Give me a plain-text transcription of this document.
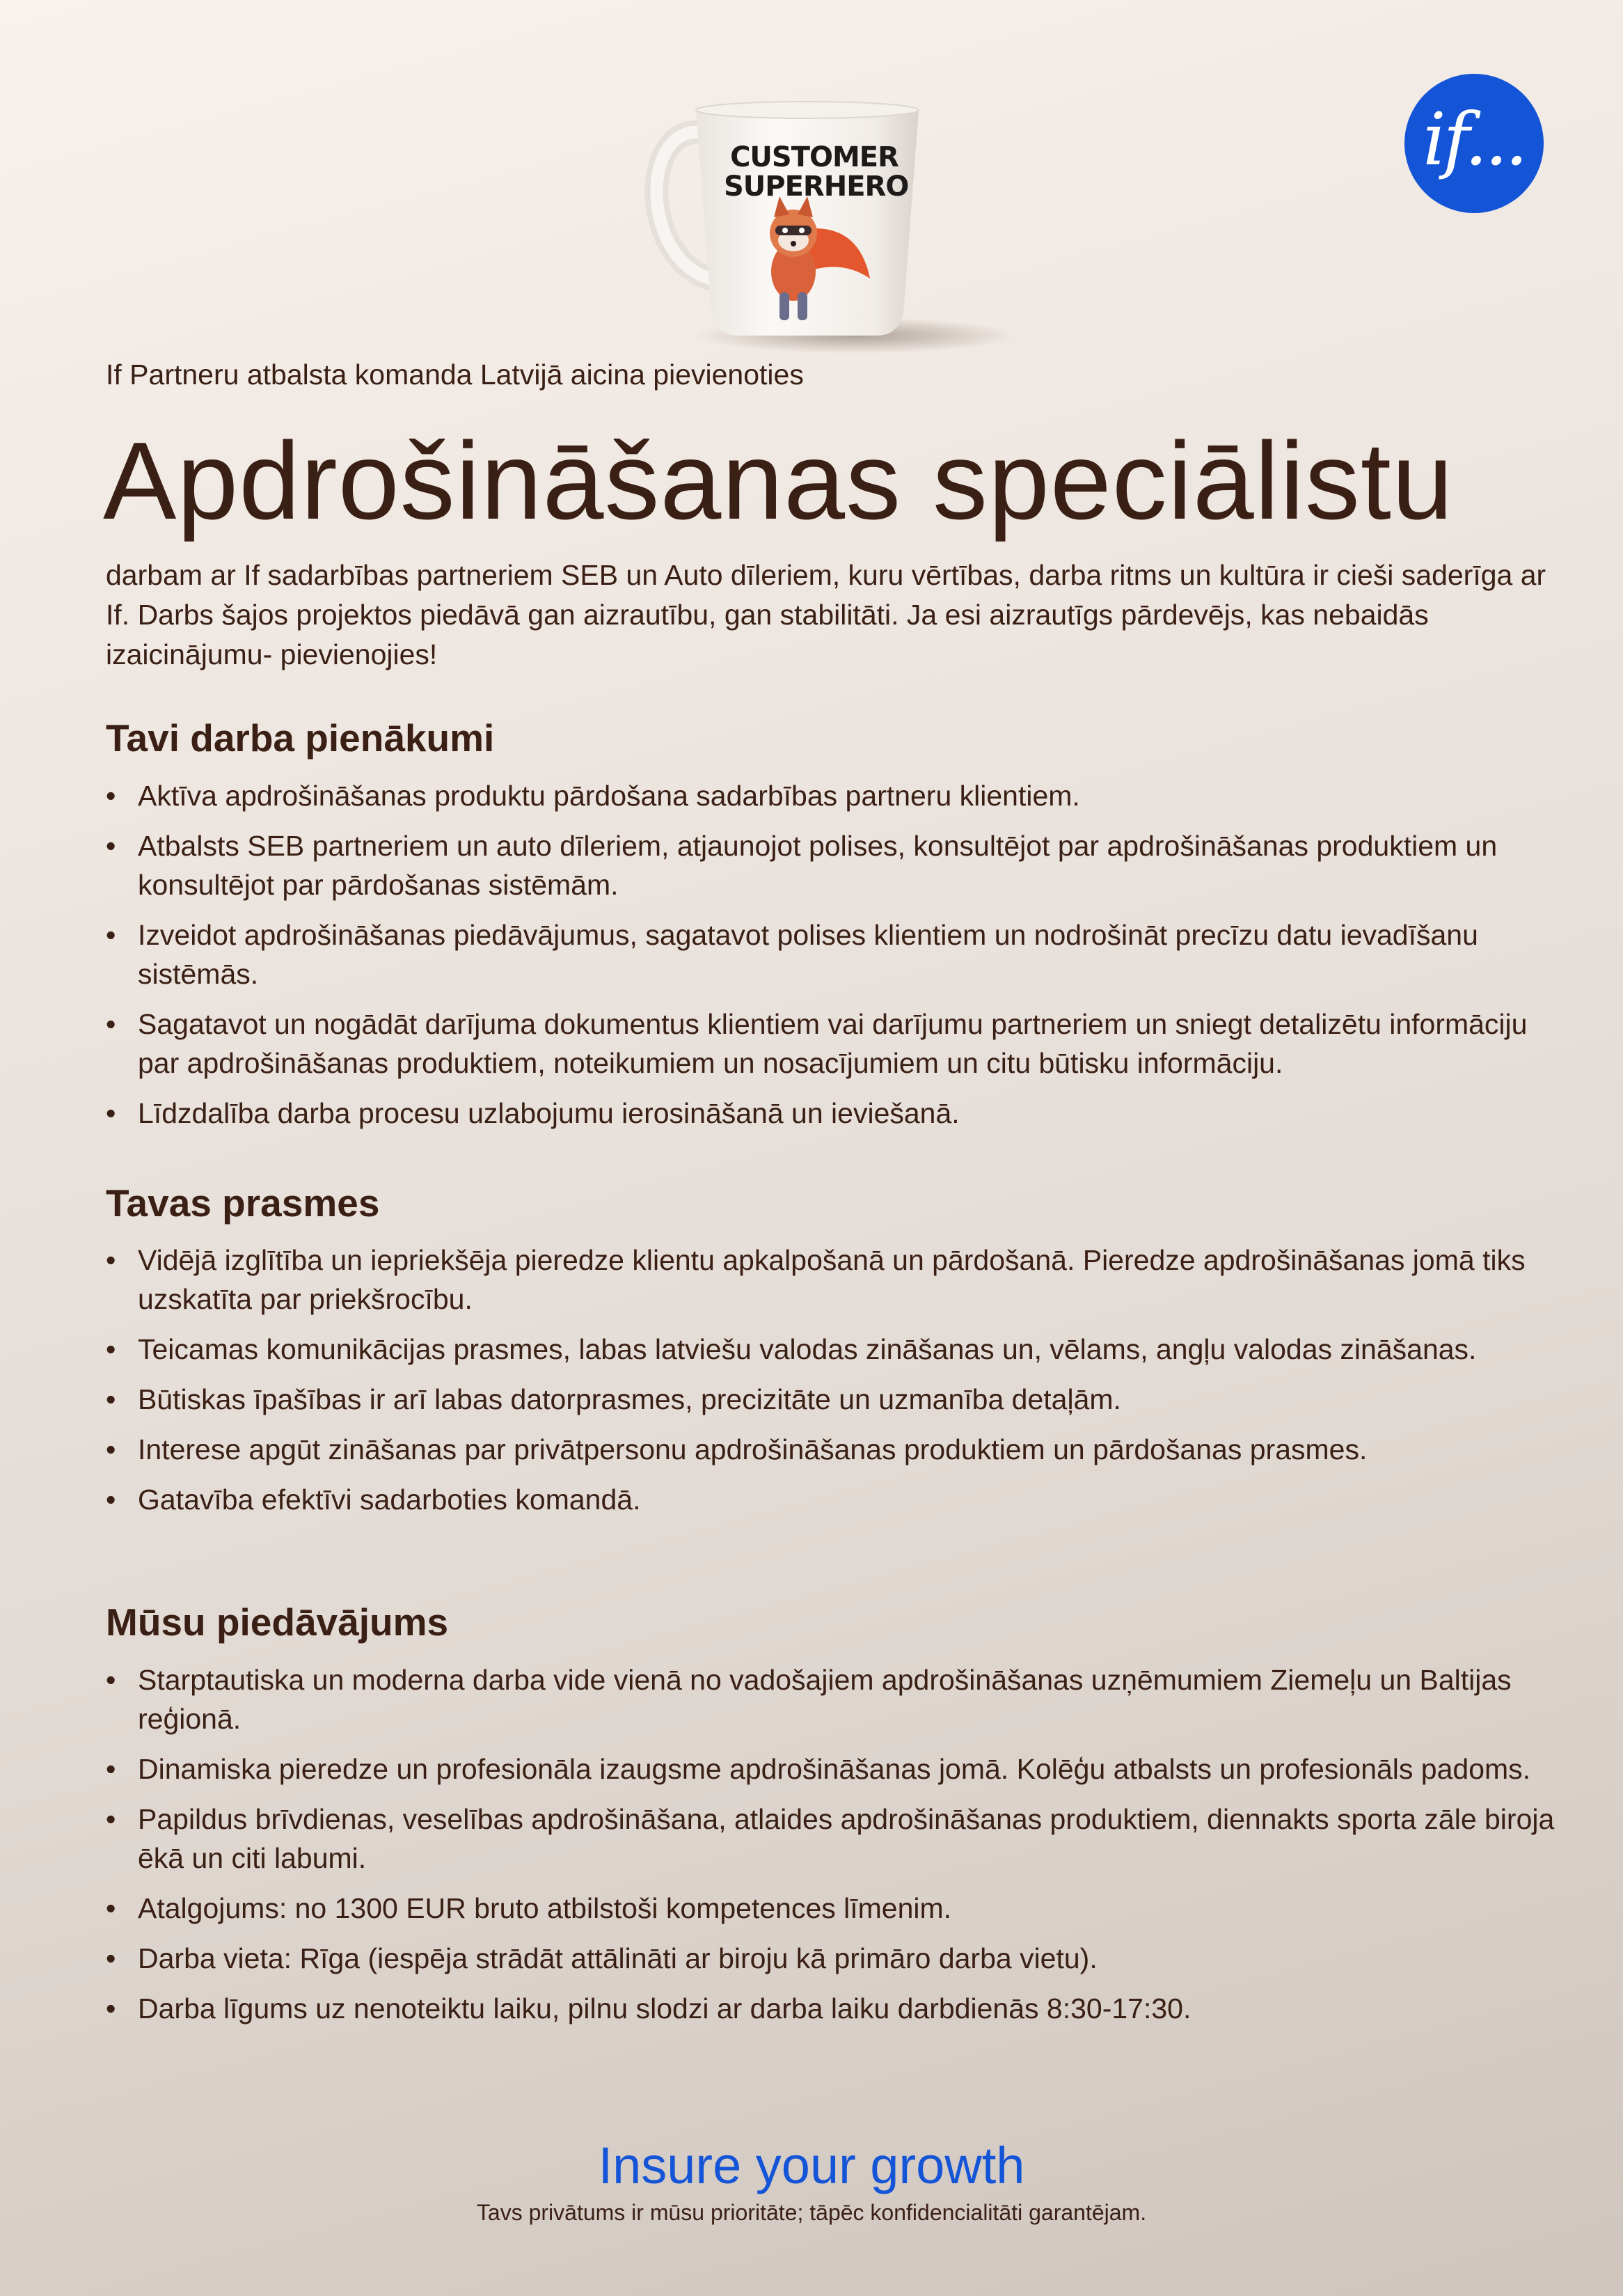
CUSTOMER
SUPERHERO
if...
If Partneru atbalsta komanda Latvijā aicina pievienoties
Apdrošināšanas speciālistu

darbam ar If sadarbības partneriem SEB un Auto dīleriem, kuru vērtības, darba ritms un kultūra ir cieši saderīga ar If. Darbs šajos projektos piedāvā gan aizrautību, gan stabilitāti. Ja esi aizrautīgs pārdevējs, kas nebaidās izaicinājumu- pievienojies!

Tavi darba pienākumi
• Aktīva apdrošināšanas produktu pārdošana sadarbības partneru klientiem.
• Atbalsts SEB partneriem un auto dīleriem, atjaunojot polises, konsultējot par apdrošināšanas produktiem un konsultējot par pārdošanas sistēmām.
• Izveidot apdrošināšanas piedāvājumus, sagatavot polises klientiem un nodrošināt precīzu datu ievadīšanu sistēmās.
• Sagatavot un nogādāt darījuma dokumentus klientiem vai darījumu partneriem un sniegt detalizētu informāciju par apdrošināšanas produktiem, noteikumiem un nosacījumiem un citu būtisku informāciju.
• Līdzdalība darba procesu uzlabojumu ierosināšanā un ieviešanā.
Tavas prasmes
• Vidējā izglītība un iepriekšēja pieredze klientu apkalpošanā un pārdošanā. Pieredze apdrošināšanas jomā tiks uzskatīta par priekšrocību.
• Teicamas komunikācijas prasmes, labas latviešu valodas zināšanas un, vēlams, angļu valodas zināšanas.
• Būtiskas īpašības ir arī labas datorprasmes, precizitāte un uzmanība detaļām.
• Interese apgūt zināšanas par privātpersonu apdrošināšanas produktiem un pārdošanas prasmes.
• Gatavība efektīvi sadarboties komandā.
Mūsu piedāvājums
• Starptautiska un moderna darba vide vienā no vadošajiem apdrošināšanas uzņēmumiem Ziemeļu un Baltijas reģionā.
• Dinamiska pieredze un profesionāla izaugsme apdrošināšanas jomā. Kolēģu atbalsts un profesionāls padoms.
• Papildus brīvdienas, veselības apdrošināšana, atlaides apdrošināšanas produktiem, diennakts sporta zāle biroja ēkā un citi labumi.
• Atalgojums: no 1300 EUR bruto atbilstoši kompetences līmenim.
• Darba vieta: Rīga (iespēja strādāt attālināti ar biroju kā primāro darba vietu).
• Darba līgums uz nenoteiktu laiku, pilnu slodzi ar darba laiku darbdienās 8:30-17:30.
Insure your growth
Tavs privātums ir mūsu prioritāte; tāpēc konfidencialitāti garantējam.
